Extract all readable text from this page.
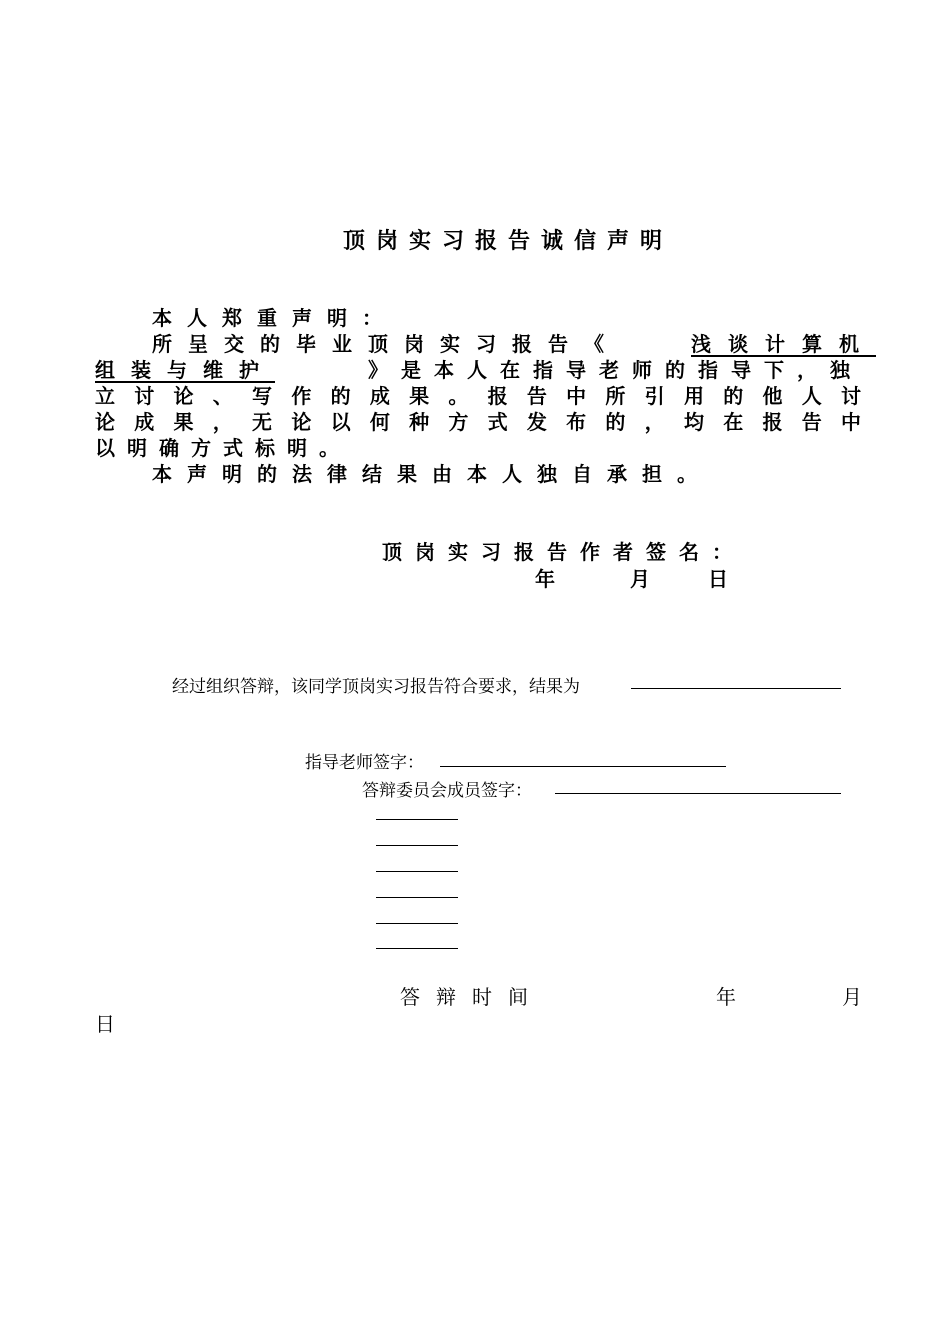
顶岗实习报告诚信声明
本人郑重声明：
所呈交的毕业顶岗实习报告《	浅谈计算机
组装与维护	》是本人在指导老师的指导下，独
立讨论、写作的成果。报告中所引用的他人讨
论成果，无论以何种方式发布的，均在报告中
以明确方式标明。
本声明的法律结果由本人独自承担。
顶岗实习报告作者签名：
年	月	日
经过组织答辩，该同学顶岗实习报告符合要求，结果为
指导老师签字：
答辩委员会成员签字：
答辩时间	年	月
日
